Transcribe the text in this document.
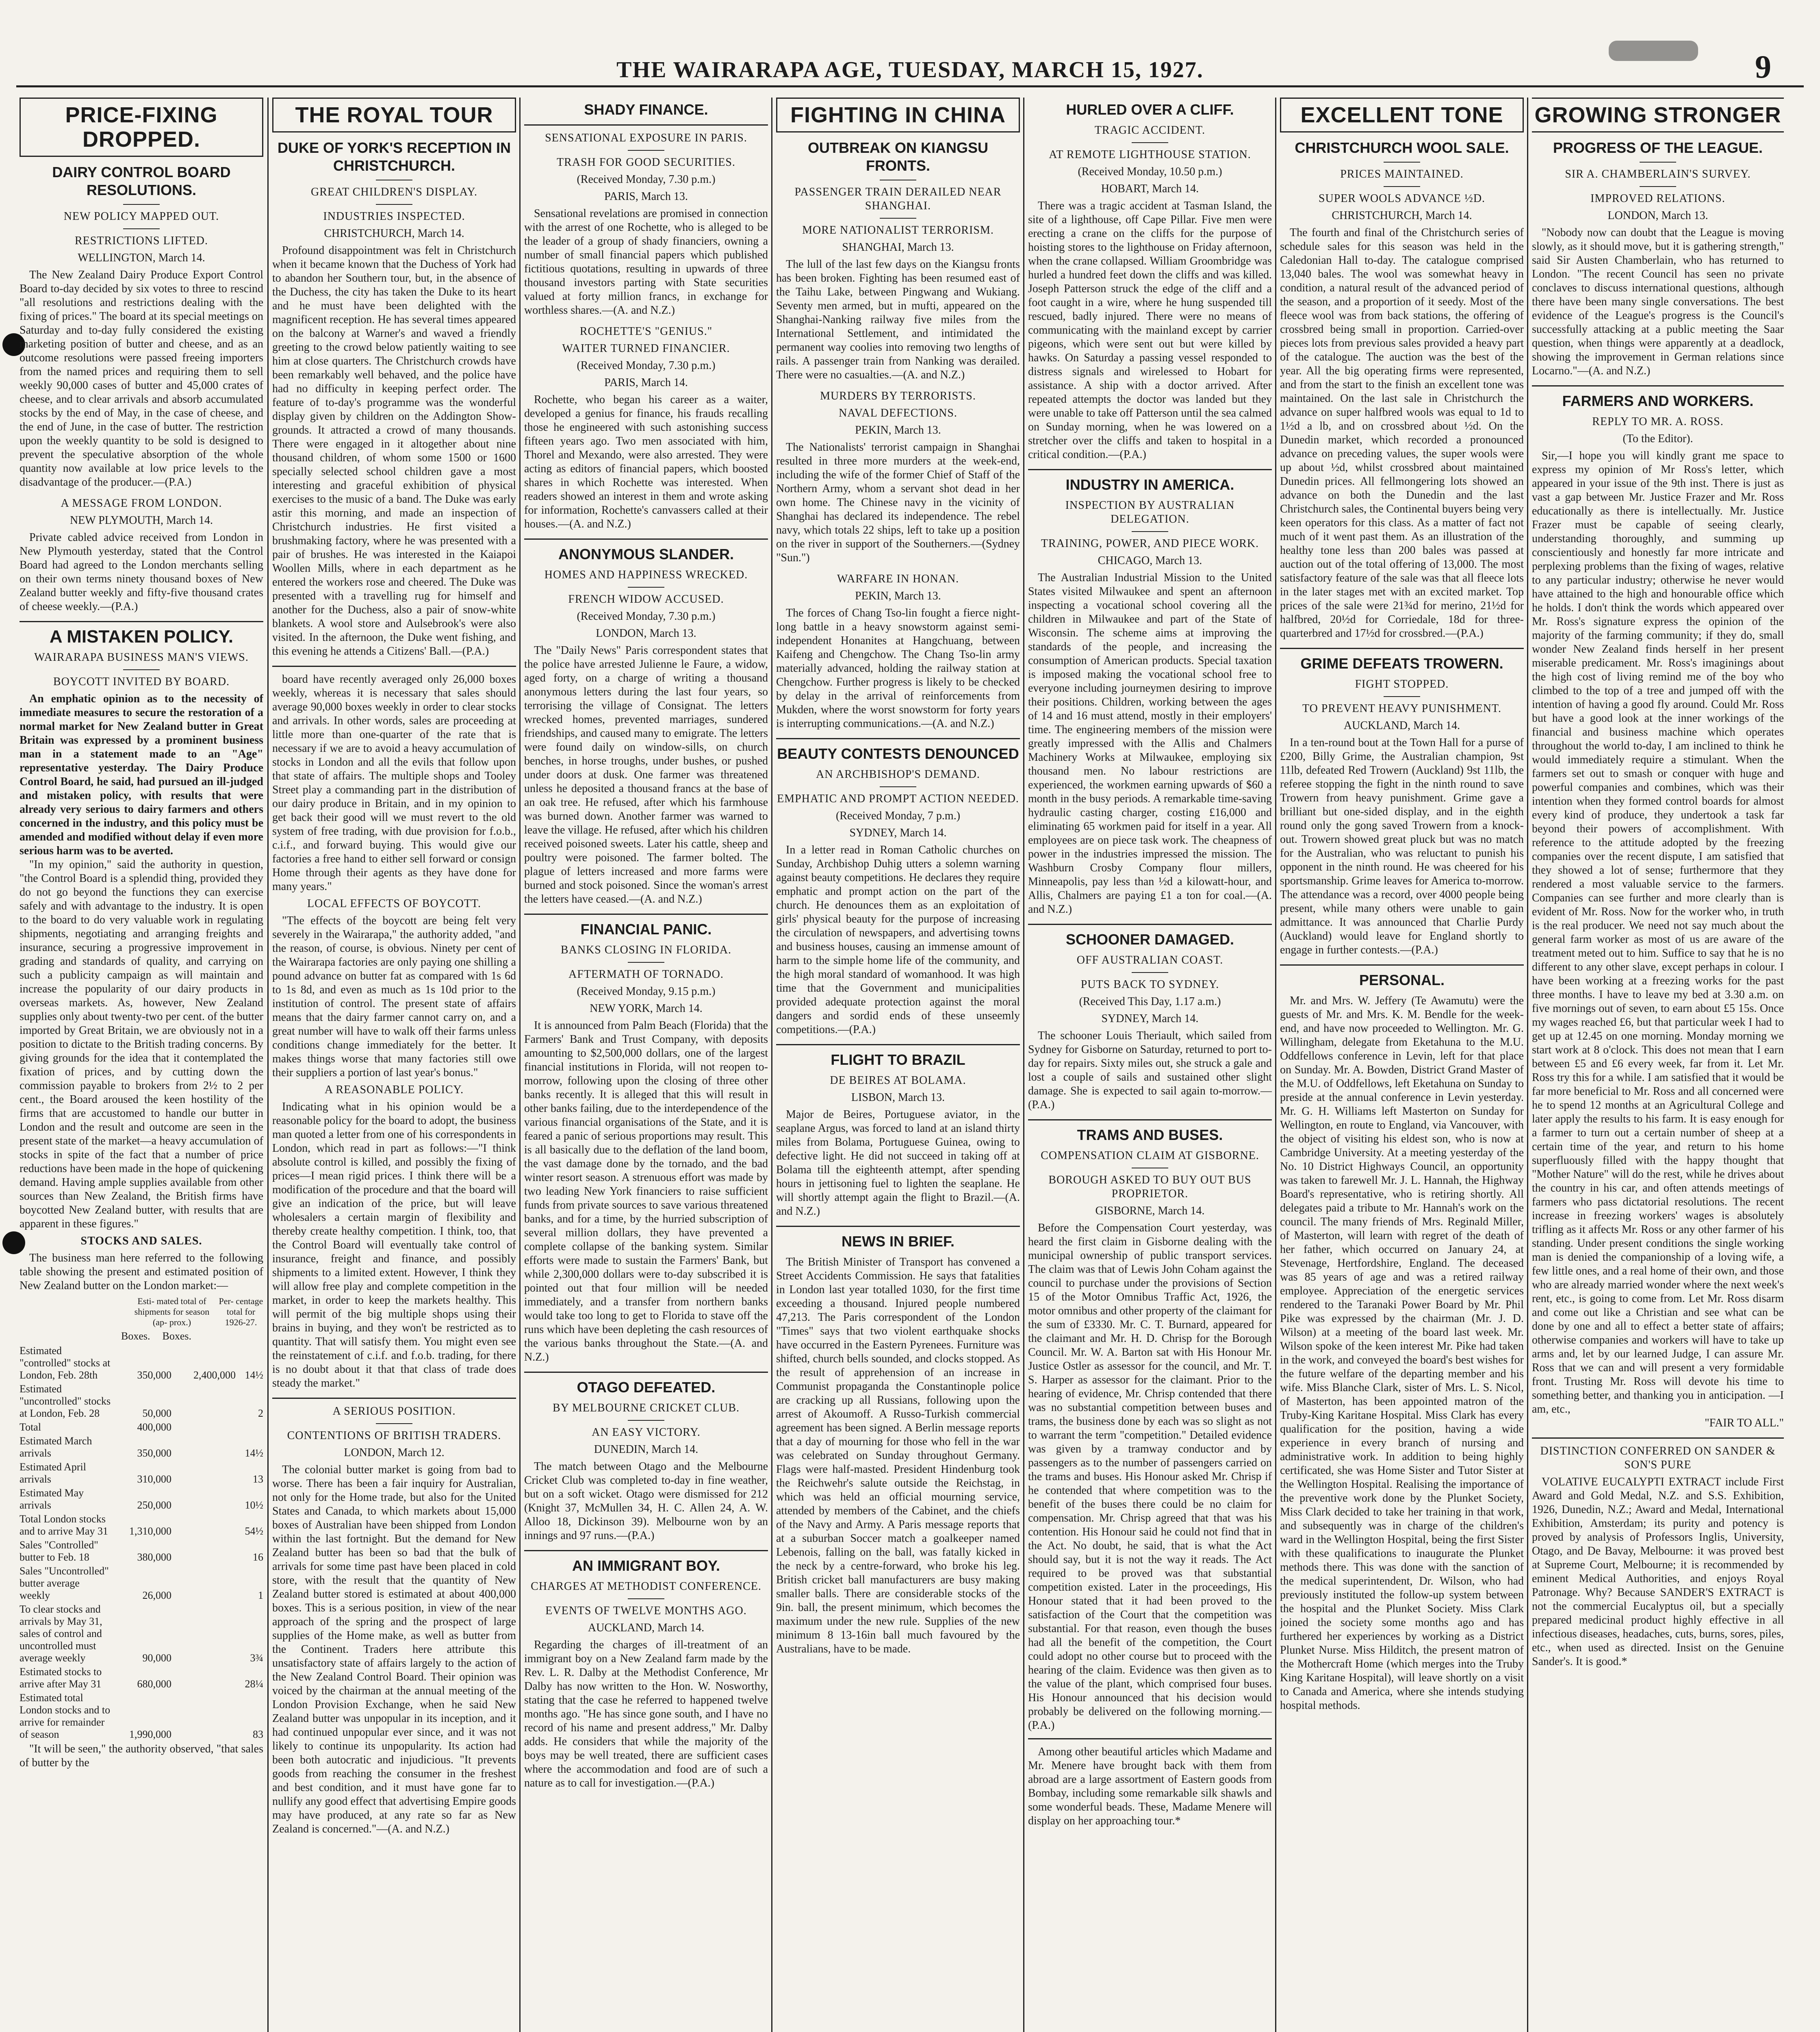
THE WAIRARAPA AGE, TUESDAY, MARCH 15, 1927.	9
PRICE-FIXING DROPPED.
DAIRY CONTROL BOARD RESOLUTIONS.
NEW POLICY MAPPED OUT.
RESTRICTIONS LIFTED.
WELLINGTON, March 14.

The New Zealand Dairy Produce Export Control Board to-day decided by six votes to three to rescind "all resolutions and restrictions dealing with the fixing of prices." The board at its special meetings on Saturday and to-day fully considered the existing marketing position of butter and cheese, and as an outcome resolutions were passed freeing importers from the named prices and requiring them to sell weekly 90,000 cases of butter and 45,000 crates of cheese, and to clear arrivals and absorb accumulated stocks by the end of May, in the case of cheese, and the end of June, in the case of butter. The restriction upon the weekly quantity to be sold is designed to prevent the speculative absorption of the whole quantity now available at low price levels to the disadvantage of the producer.—(P.A.)

A MESSAGE FROM LONDON.
NEW PLYMOUTH, March 14.

Private cabled advice received from London in New Plymouth yesterday, stated that the Control Board had agreed to the London merchants selling on their own terms ninety thousand boxes of New Zealand butter weekly and fifty-five thousand crates of cheese weekly.—(P.A.)

A MISTAKEN POLICY.
WAIRARAPA BUSINESS MAN'S VIEWS.
BOYCOTT INVITED BY BOARD.

An emphatic opinion as to the necessity of immediate measures to secure the restoration of a normal market for New Zealand butter in Great Britain was expressed by a prominent business man in a statement made to an "Age" representative yesterday. The Dairy Produce Control Board, he said, had pursued an ill-judged and mistaken policy, with results that were already very serious to dairy farmers and others concerned in the industry, and this policy must be amended and modified without delay if even more serious harm was to be averted.

"In my opinion," said the authority in question, "the Control Board is a splendid thing, provided they do not go beyond the functions they can exercise safely and with advantage to the industry. It is open to the board to do very valuable work in regulating shipments, negotiating and arranging freights and insurance, securing a progressive improvement in grading and standards of quality, and carrying on such a publicity campaign as will maintain and increase the popularity of our dairy products in overseas markets. As, however, New Zealand supplies only about twenty-two per cent. of the butter imported by Great Britain, we are obviously not in a position to dictate to the British trading concerns. By giving grounds for the idea that it contemplated the fixation of prices, and by cutting down the commission payable to brokers from 2½ to 2 per cent., the Board aroused the keen hostility of the firms that are accustomed to handle our butter in London and the result and outcome are seen in the present state of the market—a heavy accumulation of stocks in spite of the fact that a number of price reductions have been made in the hope of quickening demand. Having ample supplies available from other sources than New Zealand, the British firms have boycotted New Zealand butter, with results that are apparent in these figures."

STOCKS AND SALES.

The business man here referred to the following table showing the present and estimated position of New Zealand butter on the London market:—

Esti- mated total of shipments for season (ap- prox.)
Per- centage total for 1926-27.
Boxes. Boxes.
Estimated "controlled" stocks at London, Feb. 28th	350,000	2,400,000 14½
Estimated "uncontrolled" stocks at London, Feb. 28	50,000	2
Total	400,000
Estimated March arrivals	350,000	14½
Estimated April arrivals	310,000	13
Estimated May arrivals	250,000	10½
Total London stocks and to arrive May 31	1,310,000	54½
Sales "Controlled" butter to Feb. 18	380,000	16
Sales "Uncontrolled" butter average weekly	26,000	1
To clear stocks and arrivals by May 31, sales of control and uncontrolled must average weekly	90,000	3¾
Estimated stocks to arrive after May 31	680,000	28¼
Estimated total London stocks and to arrive for remainder of season	1,990,000	83

"It will be seen," the authority observed, "that sales of butter by the

THE ROYAL TOUR
DUKE OF YORK'S RECEPTION IN CHRISTCHURCH.
GREAT CHILDREN'S DISPLAY.
INDUSTRIES INSPECTED.
CHRISTCHURCH, March 14.

Profound disappointment was felt in Christchurch when it became known that the Duchess of York had to abandon her Southern tour, but, in the absence of the Duchess, the city has taken the Duke to its heart and he must have been delighted with the magnificent reception. He has several times appeared on the balcony at Warner's and waved a friendly greeting to the crowd below patiently waiting to see him at close quarters. The Christchurch crowds have been remarkably well behaved, and the police have had no difficulty in keeping perfect order. The feature of to-day's programme was the wonderful display given by children on the Addington Show-grounds. It attracted a crowd of many thousands. There were engaged in it altogether about nine thousand children, of whom some 1500 or 1600 specially selected school children gave a most interesting and graceful exhibition of physical exercises to the music of a band. The Duke was early astir this morning, and made an inspection of Christchurch industries. He first visited a brushmaking factory, where he was presented with a pair of brushes. He was interested in the Kaiapoi Woollen Mills, where in each department as he entered the workers rose and cheered. The Duke was presented with a travelling rug for himself and another for the Duchess, also a pair of snow-white blankets. A wool store and Aulsebrook's were also visited. In the afternoon, the Duke went fishing, and this evening he attends a Citizens' Ball.—(P.A.)

board have recently averaged only 26,000 boxes weekly, whereas it is necessary that sales should average 90,000 boxes weekly in order to clear stocks and arrivals. In other words, sales are proceeding at little more than one-quarter of the rate that is necessary if we are to avoid a heavy accumulation of stocks in London and all the evils that follow upon that state of affairs. The multiple shops and Tooley Street play a commanding part in the distribution of our dairy produce in Britain, and in my opinion to get back their good will we must revert to the old system of free trading, with due provision for f.o.b., c.i.f., and forward buying. This would give our factories a free hand to either sell forward or consign Home through their agents as they have done for many years."

LOCAL EFFECTS OF BOYCOTT.

"The effects of the boycott are being felt very severely in the Wairarapa," the authority added, "and the reason, of course, is obvious. Ninety per cent of the Wairarapa factories are only paying one shilling a pound advance on butter fat as compared with 1s 6d to 1s 8d, and even as much as 1s 10d prior to the institution of control. The present state of affairs means that the dairy farmer cannot carry on, and a great number will have to walk off their farms unless conditions change immediately for the better. It makes things worse that many factories still owe their suppliers a portion of last year's bonus."

A REASONABLE POLICY.

Indicating what in his opinion would be a reasonable policy for the board to adopt, the business man quoted a letter from one of his correspondents in London, which read in part as follows:—"I think absolute control is killed, and possibly the fixing of prices—I mean rigid prices. I think there will be a modification of the procedure and that the board will give an indication of the price, but will leave wholesalers a certain margin of flexibility and thereby create healthy competition. I think, too, that the Control Board will eventually take control of insurance, freight and finance, and possibly shipments to a limited extent. However, I think they will allow free play and complete competition in the market, in order to keep the markets healthy. This will permit of the big multiple shops using their brains in buying, and they won't be restricted as to quantity. That will satisfy them. You might even see the reinstatement of c.i.f. and f.o.b. trading, for there is no doubt about it that that class of trade does steady the market."

A SERIOUS POSITION.
CONTENTIONS OF BRITISH TRADERS.
LONDON, March 12.

The colonial butter market is going from bad to worse. There has been a fair inquiry for Australian, not only for the Home trade, but also for the United States and Canada, to which markets about 15,000 boxes of Australian have been shipped from London within the last fortnight. But the demand for New Zealand butter has been so bad that the bulk of arrivals for some time past have been placed in cold store, with the result that the quantity of New Zealand butter stored is estimated at about 400,000 boxes. This is a serious position, in view of the near approach of the spring and the prospect of large supplies of the Home make, as well as butter from the Continent. Traders here attribute this unsatisfactory state of affairs largely to the action of the New Zealand Control Board. Their opinion was voiced by the chairman at the annual meeting of the London Provision Exchange, when he said New Zealand butter was unpopular in its inception, and it had continued unpopular ever since, and it was not likely to continue its unpopularity. Its action had been both autocratic and injudicious. "It prevents goods from reaching the consumer in the freshest and best condition, and it must have gone far to nullify any good effect that advertising Empire goods may have produced, at any rate so far as New Zealand is concerned."—(A. and N.Z.)

SHADY FINANCE.
SENSATIONAL EXPOSURE IN PARIS.
TRASH FOR GOOD SECURITIES.
(Received Monday, 7.30 p.m.)
PARIS, March 13.

Sensational revelations are promised in connection with the arrest of one Rochette, who is alleged to be the leader of a group of shady financiers, owning a number of small financial papers which published fictitious quotations, resulting in upwards of three thousand investors parting with State securities valued at forty million francs, in exchange for worthless shares.—(A. and N.Z.)

ROCHETTE'S "GENIUS."
WAITER TURNED FINANCIER.
(Received Monday, 7.30 p.m.)
PARIS, March 14.

Rochette, who began his career as a waiter, developed a genius for finance, his frauds recalling those he engineered with such astonishing success fifteen years ago. Two men associated with him, Thorel and Mexando, were also arrested. They were acting as editors of financial papers, which boosted shares in which Rochette was interested. When readers showed an interest in them and wrote asking for information, Rochette's canvassers called at their houses.—(A. and N.Z.)

ANONYMOUS SLANDER.
HOMES AND HAPPINESS WRECKED.
FRENCH WIDOW ACCUSED.
(Received Monday, 7.30 p.m.)
LONDON, March 13.

The "Daily News" Paris correspondent states that the police have arrested Julienne le Faure, a widow, aged forty, on a charge of writing a thousand anonymous letters during the last four years, so terrorising the village of Consignat. The letters wrecked homes, prevented marriages, sundered friendships, and caused many to emigrate. The letters were found daily on window-sills, on church benches, in horse troughs, under bushes, or pushed under doors at dusk. One farmer was threatened unless he deposited a thousand francs at the base of an oak tree. He refused, after which his farmhouse was burned down. Another farmer was warned to leave the village. He refused, after which his children received poisoned sweets. Later his cattle, sheep and poultry were poisoned. The farmer bolted. The plague of letters increased and more farms were burned and stock poisoned. Since the woman's arrest the letters have ceased.—(A. and N.Z.)

FINANCIAL PANIC.
BANKS CLOSING IN FLORIDA.
AFTERMATH OF TORNADO.
(Received Monday, 9.15 p.m.)
NEW YORK, March 14.

It is announced from Palm Beach (Florida) that the Farmers' Bank and Trust Company, with deposits amounting to $2,500,000 dollars, one of the largest financial institutions in Florida, will not reopen to-morrow, following upon the closing of three other banks recently. It is alleged that this will result in other banks failing, due to the interdependence of the various financial organisations of the State, and it is feared a panic of serious proportions may result. This is all basically due to the deflation of the land boom, the vast damage done by the tornado, and the bad winter resort season. A strenuous effort was made by two leading New York financiers to raise sufficient funds from private sources to save various threatened banks, and for a time, by the hurried subscription of several million dollars, they have prevented a complete collapse of the banking system. Similar efforts were made to sustain the Farmers' Bank, but while 2,300,000 dollars were to-day subscribed it is pointed out that four million will be needed immediately, and a transfer from northern banks would take too long to get to Florida to stave off the runs which have been depleting the cash resources of the various banks throughout the State.—(A. and N.Z.)

OTAGO DEFEATED.
BY MELBOURNE CRICKET CLUB.
AN EASY VICTORY.
DUNEDIN, March 14.

The match between Otago and the Melbourne Cricket Club was completed to-day in fine weather, but on a soft wicket. Otago were dismissed for 212 (Knight 37, McMullen 34, H. C. Allen 24, A. W. Alloo 18, Dickinson 39). Melbourne won by an innings and 97 runs.—(P.A.)

AN IMMIGRANT BOY.
CHARGES AT METHODIST CONFERENCE.
EVENTS OF TWELVE MONTHS AGO.
AUCKLAND, March 14.

Regarding the charges of ill-treatment of an immigrant boy on a New Zealand farm made by the Rev. L. R. Dalby at the Methodist Conference, Mr Dalby has now written to the Hon. W. Nosworthy, stating that the case he referred to happened twelve months ago. "He has since gone south, and I have no record of his name and present address," Mr. Dalby adds. He considers that while the majority of the boys may be well treated, there are sufficient cases where the accommodation and food are of such a nature as to call for investigation.—(P.A.)

FIGHTING IN CHINA
OUTBREAK ON KIANGSU FRONTS.
PASSENGER TRAIN DERAILED NEAR SHANGHAI.
MORE NATIONALIST TERRORISM.
SHANGHAI, March 13.

The lull of the last few days on the Kiangsu fronts has been broken. Fighting has been resumed east of the Taihu Lake, between Pingwang and Wukiang. Seventy men armed, but in mufti, appeared on the Shanghai-Nanking railway five miles from the International Settlement, and intimidated the permanent way coolies into removing two lengths of rails. A passenger train from Nanking was derailed. There were no casualties.—(A. and N.Z.)

MURDERS BY TERRORISTS.
NAVAL DEFECTIONS.
PEKIN, March 13.

The Nationalists' terrorist campaign in Shanghai resulted in three more murders at the week-end, including the wife of the former Chief of Staff of the Northern Army, whom a servant shot dead in her own home. The Chinese navy in the vicinity of Shanghai has declared its independence. The rebel navy, which totals 22 ships, left to take up a position on the river in support of the Southerners.—(Sydney "Sun.")

WARFARE IN HONAN.
PEKIN, March 13.

The forces of Chang Tso-lin fought a fierce night-long battle in a heavy snowstorm against semi-independent Honanites at Hangchuang, between Kaifeng and Chengchow. The Chang Tso-lin army materially advanced, holding the railway station at Chengchow. Further progress is likely to be checked by delay in the arrival of reinforcements from Mukden, where the worst snowstorm for forty years is interrupting communications.—(A. and N.Z.)

BEAUTY CONTESTS DENOUNCED
AN ARCHBISHOP'S DEMAND.
EMPHATIC AND PROMPT ACTION NEEDED.
(Received Monday, 7 p.m.)
SYDNEY, March 14.

In a letter read in Roman Catholic churches on Sunday, Archbishop Duhig utters a solemn warning against beauty competitions. He declares they require emphatic and prompt action on the part of the church. He denounces them as an exploitation of girls' physical beauty for the purpose of increasing the circulation of newspapers, and advertising towns and business houses, causing an immense amount of harm to the simple home life of the community, and the high moral standard of womanhood. It was high time that the Government and municipalities provided adequate protection against the moral dangers and sordid ends of these unseemly competitions.—(P.A.)

FLIGHT TO BRAZIL
DE BEIRES AT BOLAMA.
LISBON, March 13.

Major de Beires, Portuguese aviator, in the seaplane Argus, was forced to land at an island thirty miles from Bolama, Portuguese Guinea, owing to defective light. He did not succeed in taking off at Bolama till the eighteenth attempt, after spending hours in jettisoning fuel to lighten the seaplane. He will shortly attempt again the flight to Brazil.—(A. and N.Z.)

NEWS IN BRIEF.

The British Minister of Transport has convened a Street Accidents Commission. He says that fatalities in London last year totalled 1030, for the first time exceeding a thousand. Injured people numbered 47,213. The Paris correspondent of the London "Times" says that two violent earthquake shocks have occurred in the Eastern Pyrenees. Furniture was shifted, church bells sounded, and clocks stopped. As the result of apprehension of an increase in Communist propaganda the Constantinople police are cracking up all Russians, following upon the arrest of Akoumoff. A Russo-Turkish commercial agreement has been signed. A Berlin message reports that a day of mourning for those who fell in the war was celebrated on Sunday throughout Germany. Flags were half-masted. President Hindenburg took the Reichwehr's salute outside the Reichstag, in which was held an official mourning service, attended by members of the Cabinet, and the chiefs of the Navy and Army. A Paris message reports that at a suburban Soccer match a goalkeeper named Lebenois, falling on the ball, was fatally kicked in the neck by a centre-forward, who broke his leg. British cricket ball manufacturers are busy making smaller balls. There are considerable stocks of the 9in. ball, the present minimum, which becomes the maximum under the new rule. Supplies of the new minimum 8 13-16in ball much favoured by the Australians, have to be made.

HURLED OVER A CLIFF.
TRAGIC ACCIDENT.
AT REMOTE LIGHTHOUSE STATION.
(Received Monday, 10.50 p.m.)
HOBART, March 14.

There was a tragic accident at Tasman Island, the site of a lighthouse, off Cape Pillar. Five men were erecting a crane on the cliffs for the purpose of hoisting stores to the lighthouse on Friday afternoon, when the crane collapsed. William Groombridge was hurled a hundred feet down the cliffs and was killed. Joseph Patterson struck the edge of the cliff and a foot caught in a wire, where he hung suspended till rescued, badly injured. There were no means of communicating with the mainland except by carrier pigeons, which were sent out but were killed by hawks. On Saturday a passing vessel responded to distress signals and wirelessed to Hobart for assistance. A ship with a doctor arrived. After repeated attempts the doctor was landed but they were unable to take off Patterson until the sea calmed on Sunday morning, when he was lowered on a stretcher over the cliffs and taken to hospital in a critical condition.—(P.A.)

INDUSTRY IN AMERICA.
INSPECTION BY AUSTRALIAN DELEGATION.
TRAINING, POWER, AND PIECE WORK.
CHICAGO, March 13.

The Australian Industrial Mission to the United States visited Milwaukee and spent an afternoon inspecting a vocational school covering all the children in Milwaukee and part of the State of Wisconsin. The scheme aims at improving the standards of the people, and increasing the consumption of American products. Special taxation is imposed making the vocational school free to everyone including journeymen desiring to improve their positions. Children, working between the ages of 14 and 16 must attend, mostly in their employers' time. The engineering members of the mission were greatly impressed with the Allis and Chalmers Machinery Works at Milwaukee, employing six thousand men. No labour restrictions are experienced, the workmen earning upwards of $60 a month in the busy periods. A remarkable time-saving hydraulic casting charger, costing £16,000 and eliminating 65 workmen paid for itself in a year. All employees are on piece task work. The cheapness of power in the industries impressed the mission. The Washburn Crosby Company flour millers, Minneapolis, pay less than ½d a kilowatt-hour, and Allis, Chalmers are paying £1 a ton for coal.—(A. and N.Z.)

SCHOONER DAMAGED.
OFF AUSTRALIAN COAST.
PUTS BACK TO SYDNEY.
(Received This Day, 1.17 a.m.)
SYDNEY, March 14.

The schooner Louis Theriault, which sailed from Sydney for Gisborne on Saturday, returned to port to-day for repairs. Sixty miles out, she struck a gale and lost a couple of sails and sustained other slight damage. She is expected to sail again to-morrow.—(P.A.)

TRAMS AND BUSES.
COMPENSATION CLAIM AT GISBORNE.
BOROUGH ASKED TO BUY OUT BUS PROPRIETOR.
GISBORNE, March 14.

Before the Compensation Court yesterday, was heard the first claim in Gisborne dealing with the municipal ownership of public transport services. The claim was that of Lewis John Coham against the council to purchase under the provisions of Section 15 of the Motor Omnibus Traffic Act, 1926, the motor omnibus and other property of the claimant for the sum of £3330. Mr. C. T. Burnard, appeared for the claimant and Mr. H. D. Chrisp for the Borough Council. Mr. W. A. Barton sat with His Honour Mr. Justice Ostler as assessor for the council, and Mr. T. S. Harper as assessor for the claimant. Prior to the hearing of evidence, Mr. Chrisp contended that there was no substantial competition between buses and trams, the business done by each was so slight as not to warrant the term "competition." Detailed evidence was given by a tramway conductor and by passengers as to the number of passengers carried on the trams and buses. His Honour asked Mr. Chrisp if he contended that where competition was to the benefit of the buses there could be no claim for compensation. Mr. Chrisp agreed that that was his contention. His Honour said he could not find that in the Act. No doubt, he said, that is what the Act should say, but it is not the way it reads. The Act required to be proved was that substantial competition existed. Later in the proceedings, His Honour stated that it had been proved to the satisfaction of the Court that the competition was substantial. For that reason, even though the buses had all the benefit of the competition, the Court could adopt no other course but to proceed with the hearing of the claim. Evidence was then given as to the value of the plant, which comprised four buses. His Honour announced that his decision would probably be delivered on the following morning.—(P.A.)

Among other beautiful articles which Madame and Mr. Menere have brought back with them from abroad are a large assortment of Eastern goods from Bombay, including some remarkable silk shawls and some wonderful beads. These, Madame Menere will display on her approaching tour.*

EXCELLENT TONE
CHRISTCHURCH WOOL SALE.
PRICES MAINTAINED.
SUPER WOOLS ADVANCE ½D.
CHRISTCHURCH, March 14.

The fourth and final of the Christchurch series of schedule sales for this season was held in the Caledonian Hall to-day. The catalogue comprised 13,040 bales. The wool was somewhat heavy in condition, a natural result of the advanced period of the season, and a proportion of it seedy. Most of the fleece wool was from back stations, the offering of crossbred being small in proportion. Carried-over pieces lots from previous sales provided a heavy part of the catalogue. The auction was the best of the year. All the big operating firms were represented, and from the start to the finish an excellent tone was maintained. On the last sale in Christchurch the advance on super halfbred wools was equal to 1d to 1½d a lb, and on crossbred about ½d. On the Dunedin market, which recorded a pronounced advance on preceding values, the super wools were up about ½d, whilst crossbred about maintained Dunedin prices. All fellmongering lots showed an advance on both the Dunedin and the last Christchurch sales, the Continental buyers being very keen operators for this class. As a matter of fact not much of it went past them. As an illustration of the healthy tone less than 200 bales was passed at auction out of the total offering of 13,000. The most satisfactory feature of the sale was that all fleece lots in the later stages met with an excited market. Top prices of the sale were 21¾d for merino, 21½d for halfbred, 20½d for Corriedale, 18d for three-quarterbred and 17½d for crossbred.—(P.A.)

GRIME DEFEATS TROWERN.
FIGHT STOPPED.
TO PREVENT HEAVY PUNISHMENT.
AUCKLAND, March 14.

In a ten-round bout at the Town Hall for a purse of £200, Billy Grime, the Australian champion, 9st 11lb, defeated Red Trowern (Auckland) 9st 11lb, the referee stopping the fight in the ninth round to save Trowern from heavy punishment. Grime gave a brilliant but one-sided display, and in the eighth round only the gong saved Trowern from a knock-out. Trowern showed great pluck but was no match for the Australian, who was reluctant to punish his opponent in the ninth round. He was cheered for his sportsmanship. Grime leaves for America to-morrow. The attendance was a record, over 4000 people being present, while many others were unable to gain admittance. It was announced that Charlie Purdy (Auckland) would leave for England shortly to engage in further contests.—(P.A.)

PERSONAL.

Mr. and Mrs. W. Jeffery (Te Awamutu) were the guests of Mr. and Mrs. K. M. Bendle for the week-end, and have now proceeded to Wellington. Mr. G. Willingham, delegate from Eketahuna to the M.U. Oddfellows conference in Levin, left for that place on Sunday. Mr. A. Bowden, District Grand Master of the M.U. of Oddfellows, left Eketahuna on Sunday to preside at the annual conference in Levin yesterday. Mr. G. H. Williams left Masterton on Sunday for Wellington, en route to England, via Vancouver, with the object of visiting his eldest son, who is now at Cambridge University. At a meeting yesterday of the No. 10 District Highways Council, an opportunity was taken to farewell Mr. J. L. Hannah, the Highway Board's representative, who is retiring shortly. All delegates paid a tribute to Mr. Hannah's work on the council. The many friends of Mrs. Reginald Miller, of Masterton, will learn with regret of the death of her father, which occurred on January 24, at Stevenage, Hertfordshire, England. The deceased was 85 years of age and was a retired railway employee. Appreciation of the energetic services rendered to the Taranaki Power Board by Mr. Phil Pike was expressed by the chairman (Mr. J. D. Wilson) at a meeting of the board last week. Mr. Wilson spoke of the keen interest Mr. Pike had taken in the work, and conveyed the board's best wishes for the future welfare of the departing member and his wife. Miss Blanche Clark, sister of Mrs. L. S. Nicol, of Masterton, has been appointed matron of the Truby-King Karitane Hospital. Miss Clark has every qualification for the position, having a wide experience in every branch of nursing and administrative work. In addition to being highly certificated, she was Home Sister and Tutor Sister at the Wellington Hospital. Realising the importance of the preventive work done by the Plunket Society, Miss Clark decided to take her training in that work, and subsequently was in charge of the children's ward in the Wellington Hospital, being the first Sister with these qualifications to inaugurate the Plunket methods there. This was done with the sanction of the medical superintendent, Dr. Wilson, who had previously instituted the follow-up system between the hospital and the Plunket Society. Miss Clark joined the society some months ago and has furthered her experiences by working as a District Plunket Nurse. Miss Hilditch, the present matron of the Mothercraft Home (which merges into the Truby King Karitane Hospital), will leave shortly on a visit to Canada and America, where she intends studying hospital methods.

GROWING STRONGER
PROGRESS OF THE LEAGUE.
SIR A. CHAMBERLAIN'S SURVEY.
IMPROVED RELATIONS.
LONDON, March 13.

"Nobody now can doubt that the League is moving slowly, as it should move, but it is gathering strength," said Sir Austen Chamberlain, who has returned to London. "The recent Council has seen no private conclaves to discuss international questions, although there have been many single conversations. The best evidence of the League's progress is the Council's successfully attacking at a public meeting the Saar question, when things were apparently at a deadlock, showing the improvement in German relations since Locarno."—(A. and N.Z.)

FARMERS AND WORKERS.
REPLY TO MR. A. ROSS.
(To the Editor).

Sir,—I hope you will kindly grant me space to express my opinion of Mr Ross's letter, which appeared in your issue of the 9th inst. There is just as vast a gap between Mr. Justice Frazer and Mr. Ross educationally as there is intellectually. Mr. Justice Frazer must be capable of seeing clearly, understanding thoroughly, and summing up conscientiously and honestly far more intricate and perplexing problems than the fixing of wages, relative to any particular industry; otherwise he never would have attained to the high and honourable office which he holds. I don't think the words which appeared over Mr. Ross's signature express the opinion of the majority of the farming community; if they do, small wonder New Zealand finds herself in her present miserable predicament. Mr. Ross's imaginings about the high cost of living remind me of the boy who climbed to the top of a tree and jumped off with the intention of having a good fly around. Could Mr. Ross but have a good look at the inner workings of the financial and business machine which operates throughout the world to-day, I am inclined to think he would immediately require a stimulant. When the farmers set out to smash or conquer with huge and powerful companies and combines, which was their intention when they formed control boards for almost every kind of produce, they undertook a task far beyond their powers of accomplishment. With reference to the attitude adopted by the freezing companies over the recent dispute, I am satisfied that they showed a lot of sense; furthermore that they rendered a most valuable service to the farmers. Companies can see further and more clearly than is evident of Mr. Ross. Now for the worker who, in truth is the real producer. We need not say much about the general farm worker as most of us are aware of the treatment meted out to him. Suffice to say that he is no different to any other slave, except perhaps in colour. I have been working at a freezing works for the past three months. I have to leave my bed at 3.30 a.m. on five mornings out of seven, to earn about £5 15s. Once my wages reached £6, but that particular week I had to get up at 12.45 on one morning. Monday morning we start work at 8 o'clock. This does not mean that I earn between £5 and £6 every week, far from it. Let Mr. Ross try this for a while. I am satisfied that it would be far more beneficial to Mr. Ross and all concerned were he to spend 12 months at an Agricultural College and later apply the results to his farm. It is easy enough for a farmer to turn out a certain number of sheep at a certain time of the year, and return to his home superfluously filled with the happy thought that "Mother Nature" will do the rest, while he drives about the country in his car, and often attends meetings of farmers who pass dictatorial resolutions. The recent increase in freezing workers' wages is absolutely trifling as it affects Mr. Ross or any other farmer of his standing. Under present conditions the single working man is denied the companionship of a loving wife, a few little ones, and a real home of their own, and those who are already married wonder where the next week's rent, etc., is going to come from. Let Mr. Ross disarm and come out like a Christian and see what can be done by one and all to effect a better state of affairs; otherwise companies and workers will have to take up arms and, let by our learned Judge, I can assure Mr. Ross that we can and will present a very formidable front. Trusting Mr. Ross will devote his time to something better, and thanking you in anticipation. —I am, etc.,

"FAIR TO ALL."
DISTINCTION CONFERRED ON SANDER & SON'S PURE

VOLATIVE EUCALYPTI EXTRACT include First Award and Gold Medal, N.Z. and S.S. Exhibition, 1926, Dunedin, N.Z.; Award and Medal, International Exhibition, Amsterdam; its purity and potency is proved by analysis of Professors Inglis, University, Otago, and De Bavay, Melbourne: it was proved best at Supreme Court, Melbourne; it is recommended by eminent Medical Authorities, and enjoys Royal Patronage. Why? Because SANDER'S EXTRACT is not the commercial Eucalyptus oil, but a specially prepared medicinal product highly effective in all infectious diseases, headaches, cuts, burns, sores, piles, etc., when used as directed. Insist on the Genuine Sander's. It is good.*
